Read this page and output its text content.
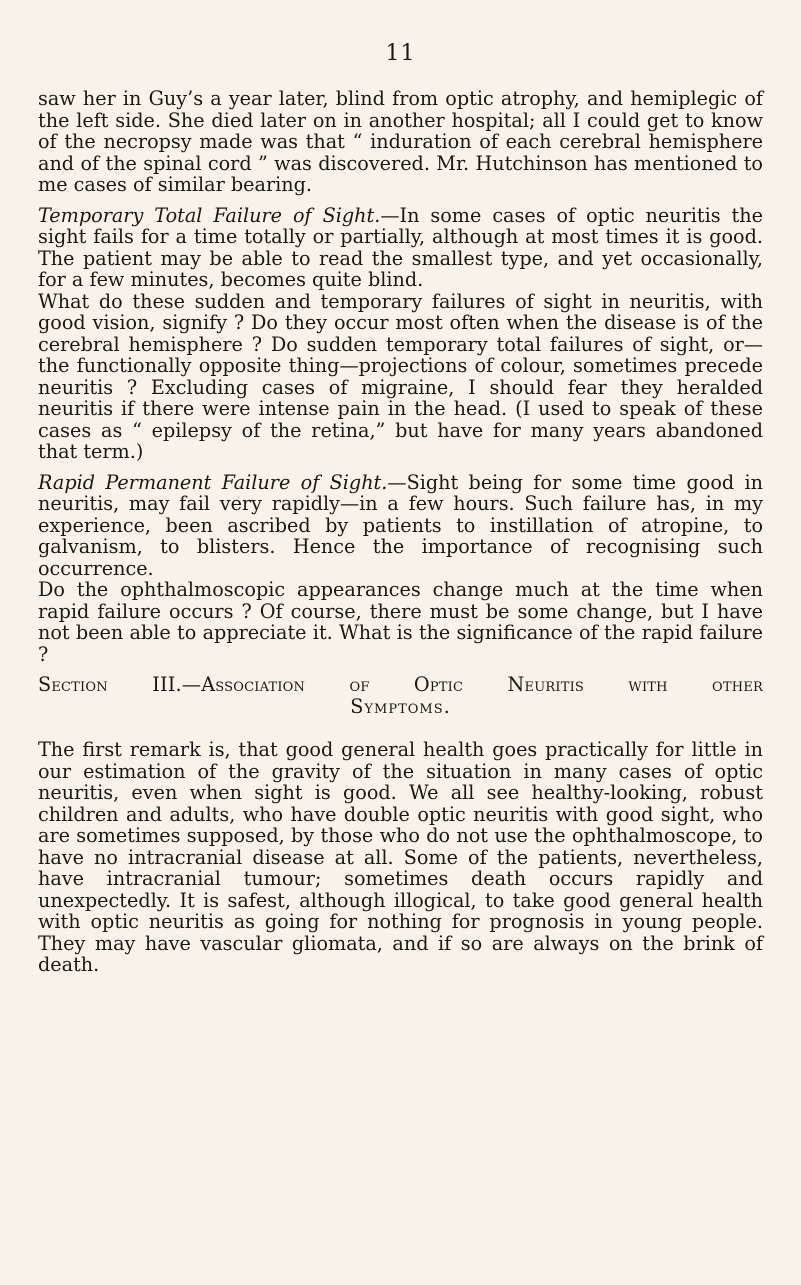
11

saw her in Guy’s a year later, blind from optic atrophy, and hemiplegic of the left side. She died later on in another hospital; all I could get to know of the necropsy made was that “ induration of each cerebral hemisphere and of the spinal cord ” was discovered. Mr. Hutchinson has mentioned to me cases of similar bearing.

Temporary Total Failure of Sight.—In some cases of optic neuritis the sight fails for a time totally or partially, although at most times it is good. The patient may be able to read the smallest type, and yet occasionally, for a few minutes, becomes quite blind.

What do these sudden and temporary failures of sight in neuritis, with good vision, signify ? Do they occur most often when the disease is of the cerebral hemisphere ? Do sudden temporary total failures of sight, or—the functionally opposite thing—projections of colour, sometimes precede neuritis ? Excluding cases of migraine, I should fear they heralded neuritis if there were intense pain in the head. (I used to speak of these cases as “ epilepsy of the retina,” but have for many years abandoned that term.)

Rapid Permanent Failure of Sight.—Sight being for some time good in neuritis, may fail very rapidly—in a few hours. Such failure has, in my experience, been ascribed by patients to instillation of atropine, to galvanism, to blisters. Hence the importance of recognising such occurrence.

Do the ophthalmoscopic appearances change much at the time when rapid failure occurs ? Of course, there must be some change, but I have not been able to appreciate it. What is the significance of the rapid failure ?

Section III.—Association of Optic Neuritis with other
Symptoms.

The first remark is, that good general health goes practically for little in our estimation of the gravity of the situation in many cases of optic neuritis, even when sight is good. We all see healthy-looking, robust children and adults, who have double optic neuritis with good sight, who are sometimes supposed, by those who do not use the ophthalmoscope, to have no intracranial disease at all. Some of the patients, nevertheless, have intracranial tumour; sometimes death occurs rapidly and unexpectedly. It is safest, although illogical, to take good general health with optic neuritis as going for nothing for prognosis in young people. They may have vascular gliomata, and if so are always on the brink of death.
